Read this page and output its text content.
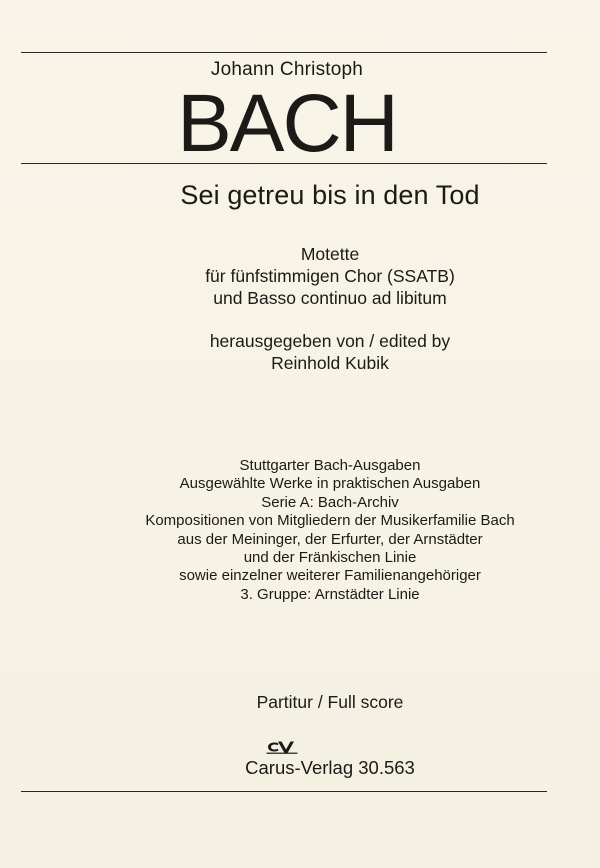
Johann Christoph
BACH
Sei getreu bis in den Tod
Motette
für fünfstimmigen Chor (SSATB)
und Basso continuo ad libitum
herausgegeben von / edited by
Reinhold Kubik
Stuttgarter Bach-Ausgaben
Ausgewählte Werke in praktischen Ausgaben
Serie A: Bach-Archiv
Kompositionen von Mitgliedern der Musikerfamilie Bach
aus der Meininger, der Erfurter, der Arnstädter
und der Fränkischen Linie
sowie einzelner weiterer Familienangehöriger
3. Gruppe: Arnstädter Linie
Partitur / Full score
Carus-Verlag 30.563
